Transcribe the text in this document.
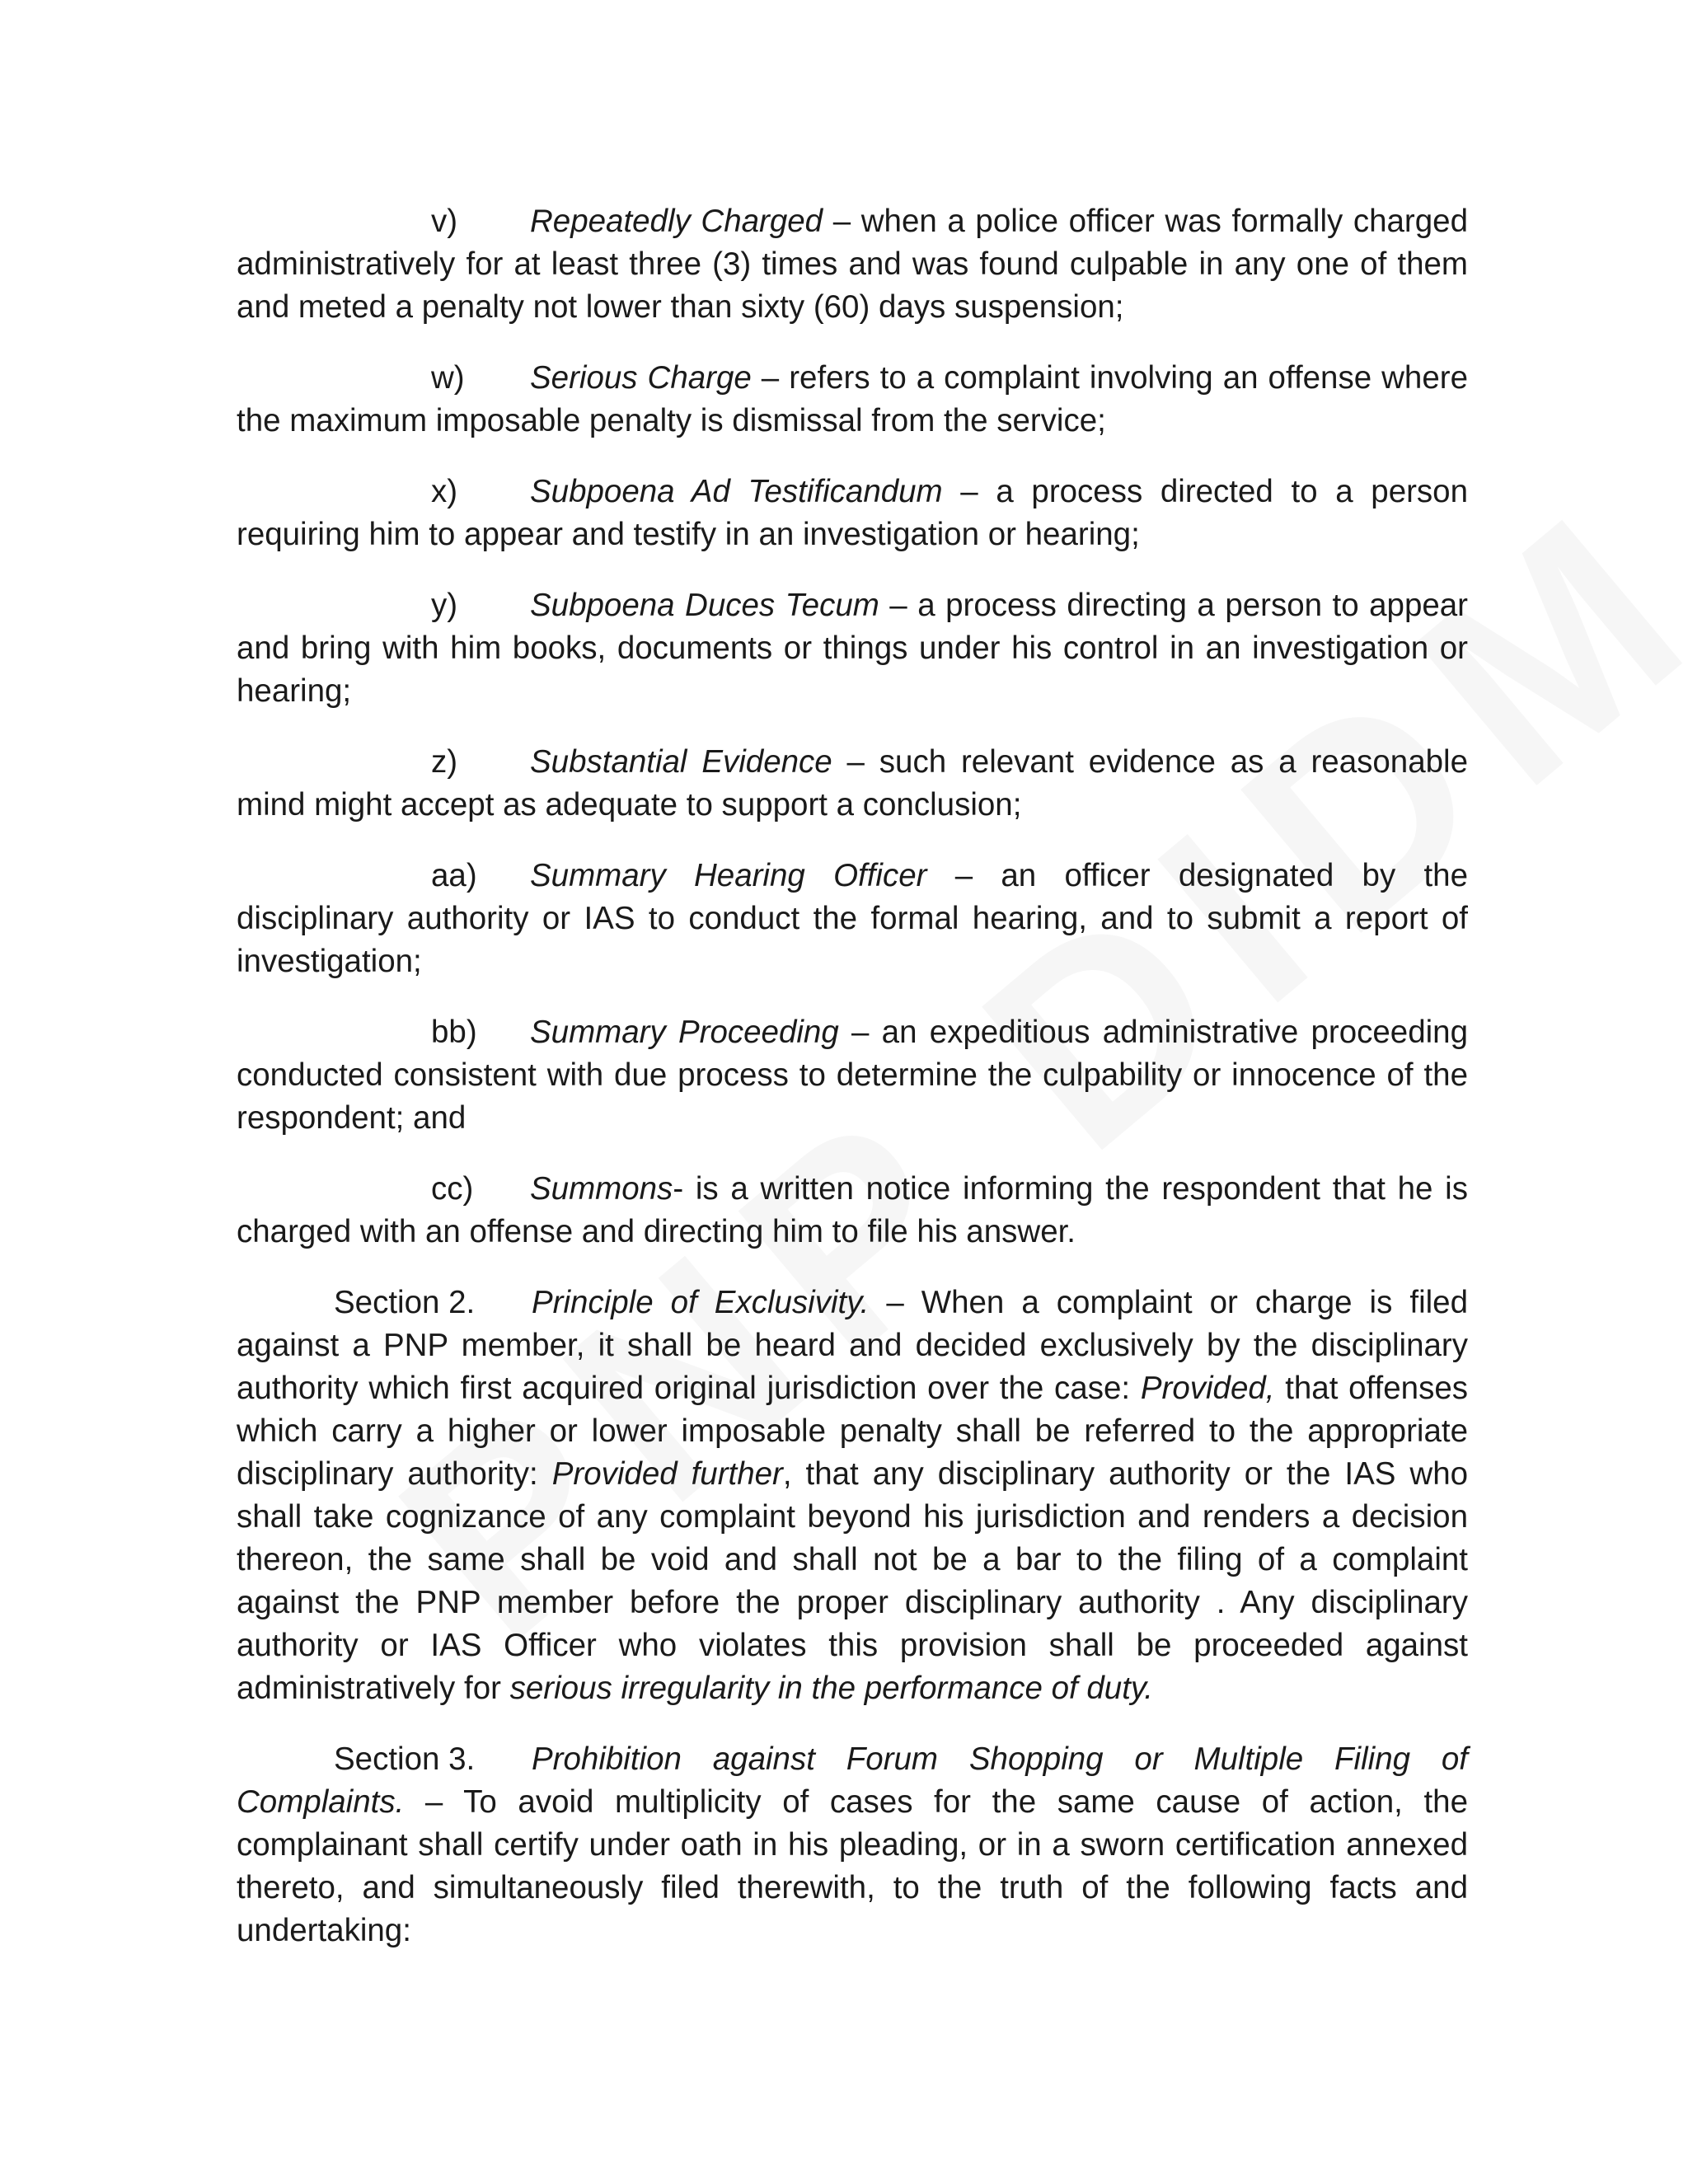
v) Repeatedly Charged – when a police officer was formally charged administratively for at least three (3) times and was found culpable in any one of them and meted a penalty not lower than sixty (60) days suspension;

w) Serious Charge – refers to a complaint involving an offense where the maximum imposable penalty is dismissal from the service;

x) Subpoena Ad Testificandum – a process directed to a person requiring him to appear and testify in an investigation or hearing;

y) Subpoena Duces Tecum – a process directing a person to appear and bring with him books, documents or things under his control in an investigation or hearing;

z) Substantial Evidence – such relevant evidence as a reasonable mind might accept as adequate to support a conclusion;

aa) Summary Hearing Officer – an officer designated by the disciplinary authority or IAS to conduct the formal hearing, and to submit a report of investigation;

bb) Summary Proceeding – an expeditious administrative proceeding conducted consistent with due process to determine the culpability or innocence of the respondent; and

cc) Summons- is a written notice informing the respondent that he is charged with an offense and directing him to file his answer.

Section 2. Principle of Exclusivity. – When a complaint or charge is filed against a PNP member, it shall be heard and decided exclusively by the disciplinary authority which first acquired original jurisdiction over the case: Provided, that offenses which carry a higher or lower imposable penalty shall be referred to the appropriate disciplinary authority: Provided further, that any disciplinary authority or the IAS who shall take cognizance of any complaint beyond his jurisdiction and renders a decision thereon, the same shall be void and shall not be a bar to the filing of a complaint against the PNP member before the proper disciplinary authority . Any disciplinary authority or IAS Officer who violates this provision shall be proceeded against administratively for serious irregularity in the performance of duty.

Section 3. Prohibition against Forum Shopping or Multiple Filing of Complaints. – To avoid multiplicity of cases for the same cause of action, the complainant shall certify under oath in his pleading, or in a sworn certification annexed thereto, and simultaneously filed therewith, to the truth of the following facts and undertaking:
